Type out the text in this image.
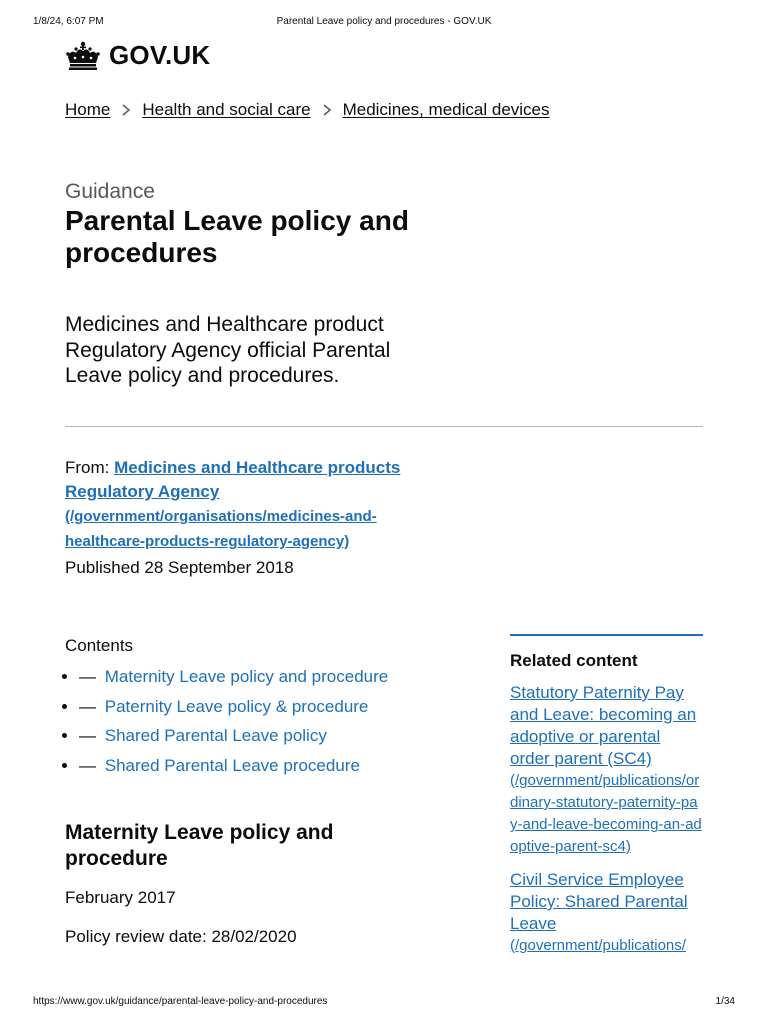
1/8/24, 6:07 PM	Parental Leave policy and procedures - GOV.UK
GOV.UK
Home Health and social care Medicines, medical devices
Guidance
Parental Leave policy and procedures

Medicines and Healthcare product Regulatory Agency official Parental Leave policy and procedures.

From: Medicines and Healthcare products Regulatory Agency
(/government/organisations/medicines-and-healthcare-products-regulatory-agency)
Published 28 September 2018
Contents
— Maternity Leave policy and procedure
— Paternity Leave policy & procedure
— Shared Parental Leave policy
— Shared Parental Leave procedure
Maternity Leave policy and procedure

February 2017

Policy review date: 28/02/2020

Related content
Statutory Paternity Pay and Leave: becoming an adoptive or parental order parent (SC4)
(/government/publications/ordinary-statutory-paternity-pay-and-leave-becoming-an-adoptive-parent-sc4)
Civil Service Employee Policy: Shared Parental Leave
(/government/publications/
https://www.gov.uk/guidance/parental-leave-policy-and-procedures	1/34
